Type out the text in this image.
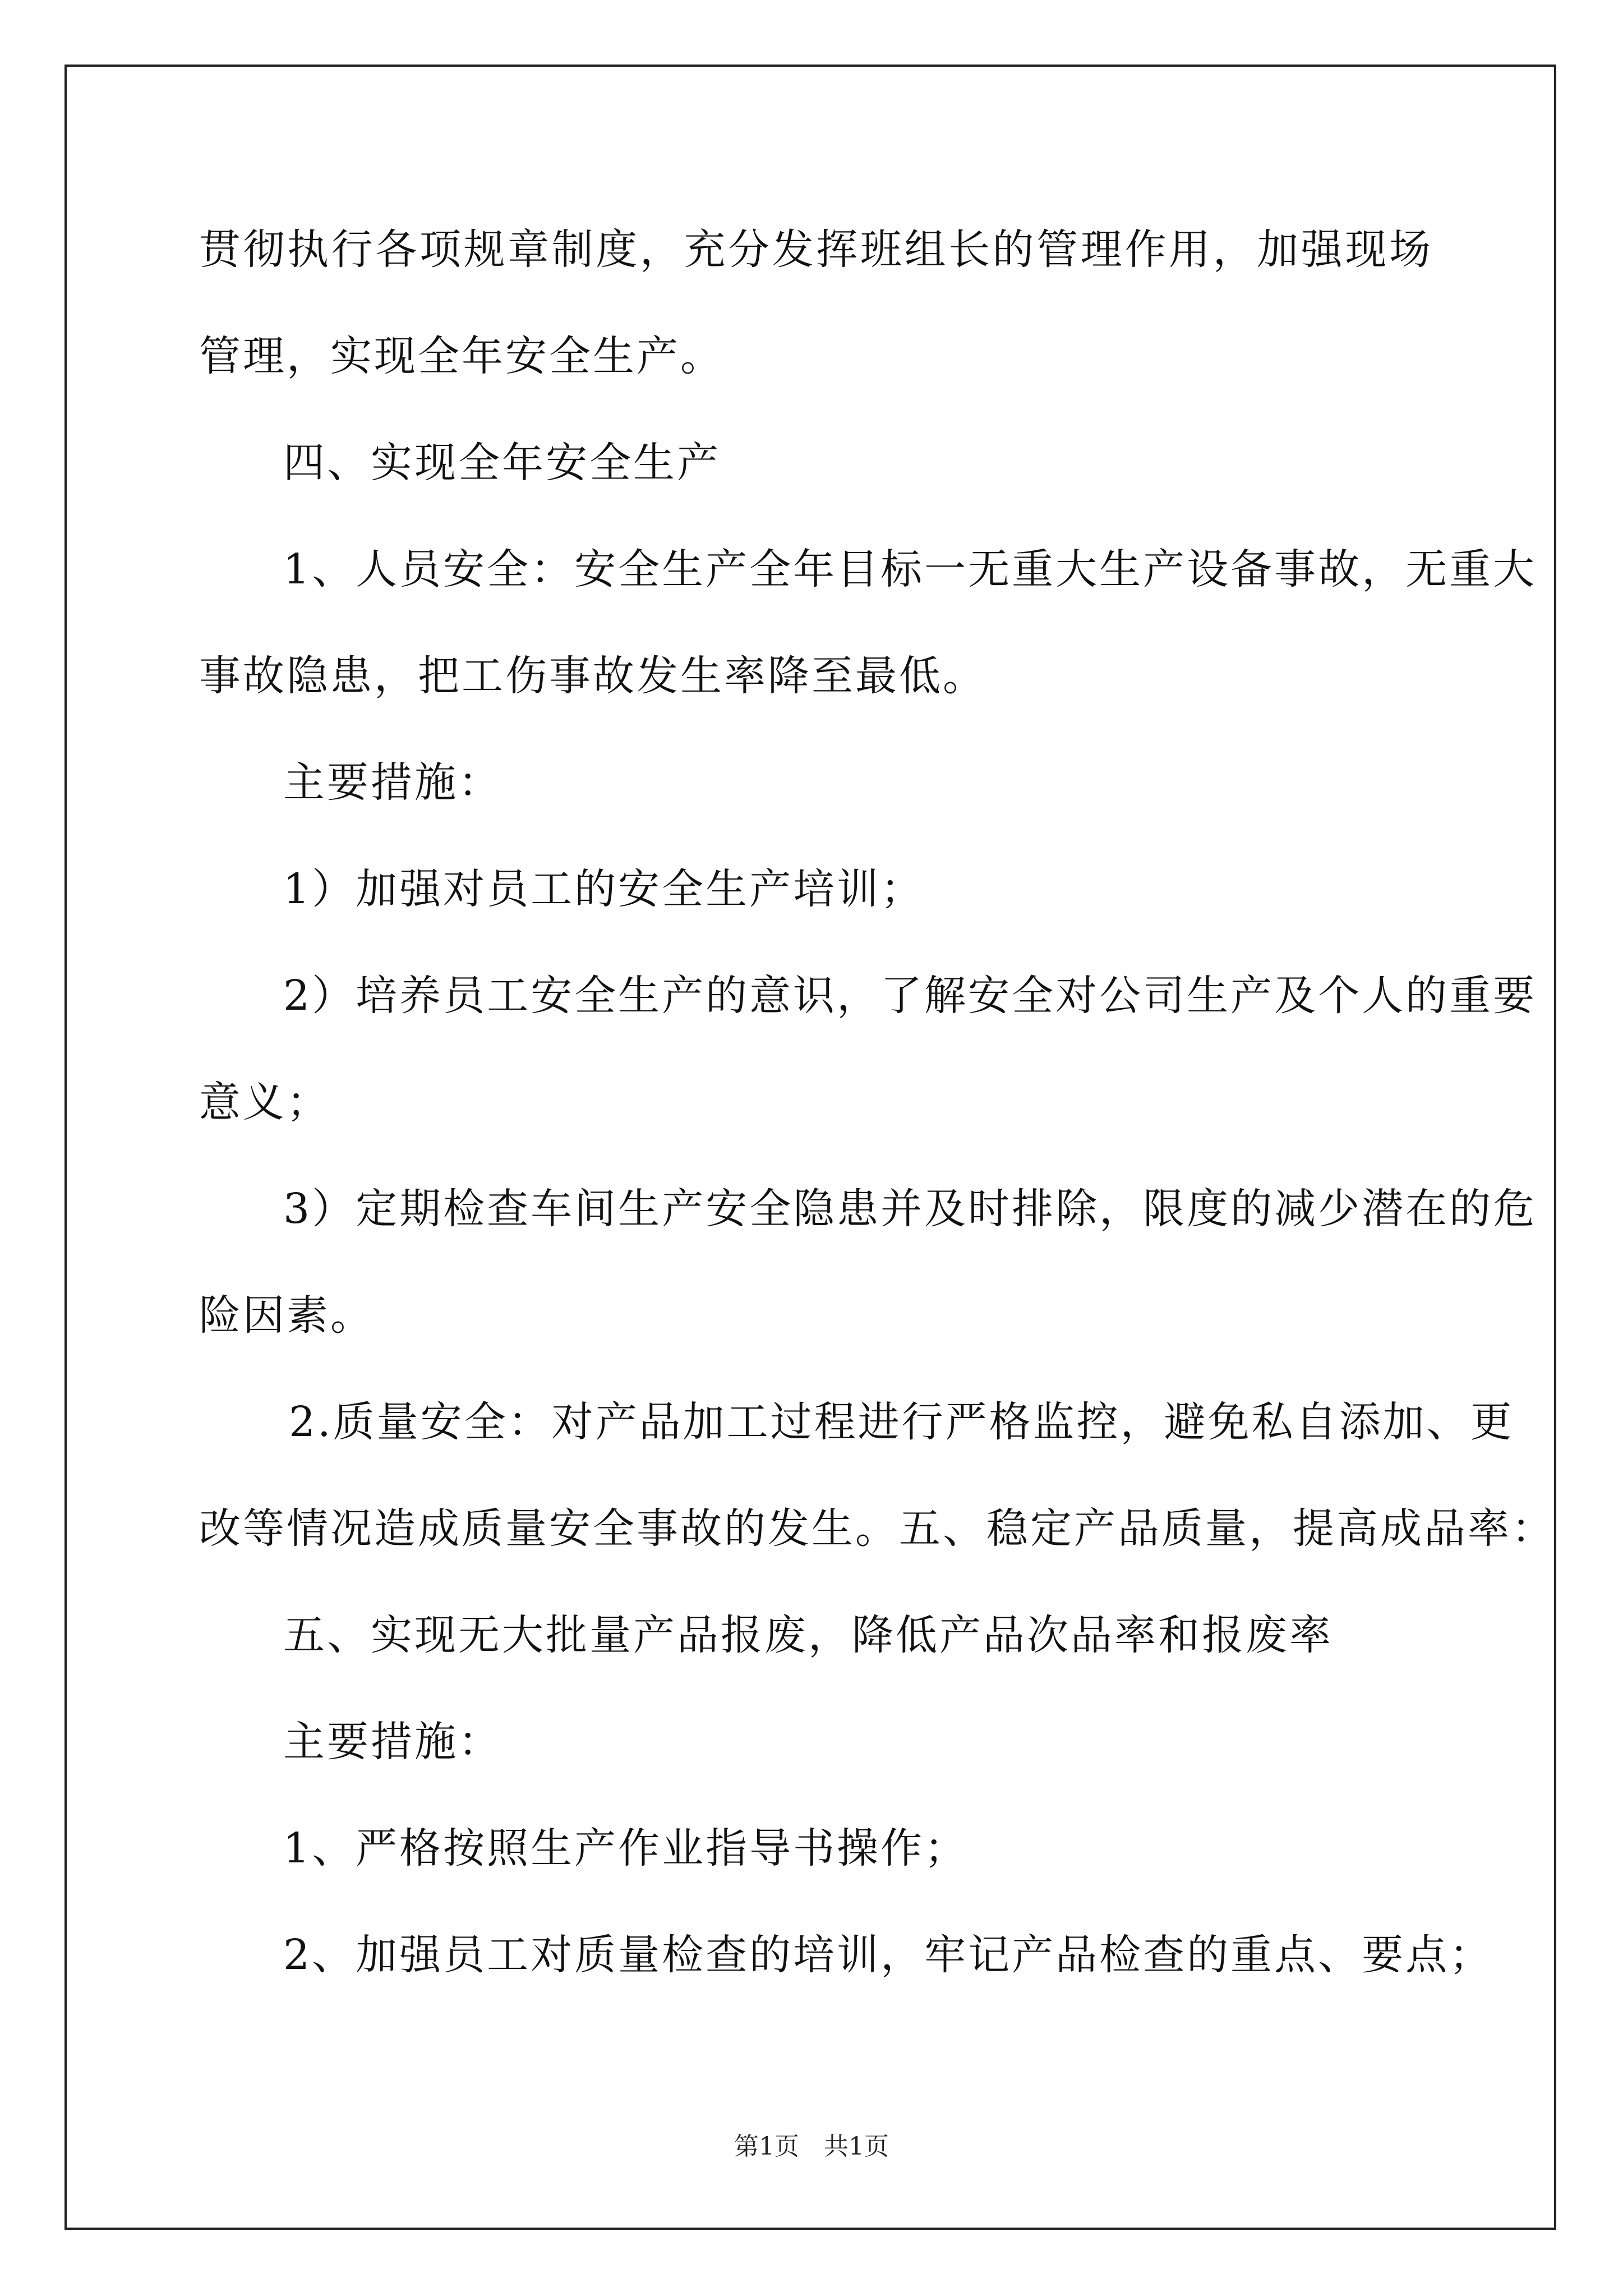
贯彻执行各项规章制度，充分发挥班组长的管理作用，加强现场
管理，实现全年安全生产。
四、实现全年安全生产
1、人员安全：安全生产全年目标一无重大生产设备事故，无重大
事故隐患，把工伤事故发生率降至最低。
主要措施：
1）加强对员工的安全生产培训；
2）培养员工安全生产的意识，了解安全对公司生产及个人的重要
意义；
3）定期检查车间生产安全隐患并及时排除，限度的减少潜在的危
险因素。
2.质量安全：对产品加工过程进行严格监控，避免私自添加、更
改等情况造成质量安全事故的发生。五、稳定产品质量，提高成品率：
五、实现无大批量产品报废，降低产品次品率和报废率
主要措施：
1、严格按照生产作业指导书操作；
2、加强员工对质量检查的培训，牢记产品检查的重点、要点；
第1页　共1页
